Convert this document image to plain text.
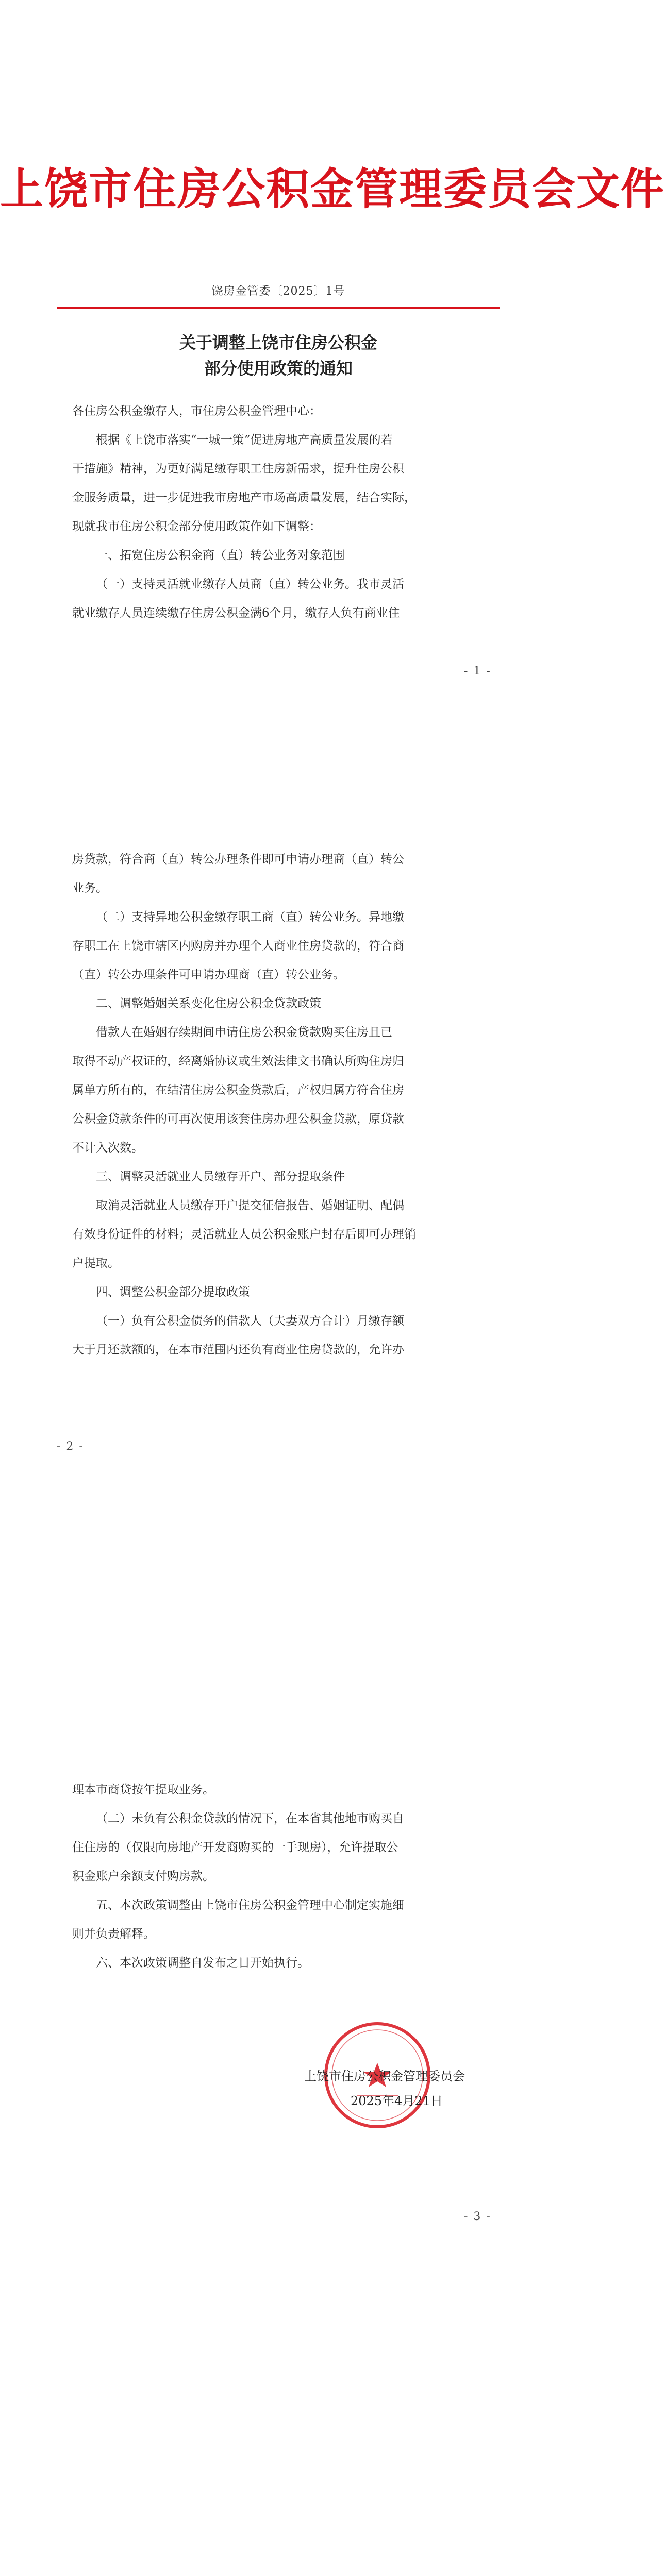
上饶市住房公积金管理委员会文件
饶房金管委〔2025〕1号
关于调整上饶市住房公积金
部分使用政策的通知
各住房公积金缴存人，市住房公积金管理中心：
根据《上饶市落实“一城一策”促进房地产高质量发展的若
干措施》精神，为更好满足缴存职工住房新需求，提升住房公积
金服务质量，进一步促进我市房地产市场高质量发展，结合实际，
现就我市住房公积金部分使用政策作如下调整：
一、拓宽住房公积金商（直）转公业务对象范围
（一）支持灵活就业缴存人员商（直）转公业务。我市灵活
就业缴存人员连续缴存住房公积金满6个月，缴存人负有商业住
- 1 -
房贷款，符合商（直）转公办理条件即可申请办理商（直）转公
业务。
（二）支持异地公积金缴存职工商（直）转公业务。异地缴
存职工在上饶市辖区内购房并办理个人商业住房贷款的，符合商
（直）转公办理条件可申请办理商（直）转公业务。
二、调整婚姻关系变化住房公积金贷款政策
借款人在婚姻存续期间申请住房公积金贷款购买住房且已
取得不动产权证的，经离婚协议或生效法律文书确认所购住房归
属单方所有的，在结清住房公积金贷款后，产权归属方符合住房
公积金贷款条件的可再次使用该套住房办理公积金贷款，原贷款
不计入次数。
三、调整灵活就业人员缴存开户、部分提取条件
取消灵活就业人员缴存开户提交征信报告、婚姻证明、配偶
有效身份证件的材料；灵活就业人员公积金账户封存后即可办理销
户提取。
四、调整公积金部分提取政策
（一）负有公积金债务的借款人（夫妻双方合计）月缴存额
大于月还款额的，在本市范围内还负有商业住房贷款的，允许办
- 2 -
理本市商贷按年提取业务。
（二）未负有公积金贷款的情况下，在本省其他地市购买自
住住房的（仅限向房地产开发商购买的一手现房），允许提取公
积金账户余额支付购房款。
五、本次政策调整由上饶市住房公积金管理中心制定实施细
则并负责解释。
六、本次政策调整自发布之日开始执行。
上饶市住房公积金管理委员会
2025年4月21日
- 3 -
